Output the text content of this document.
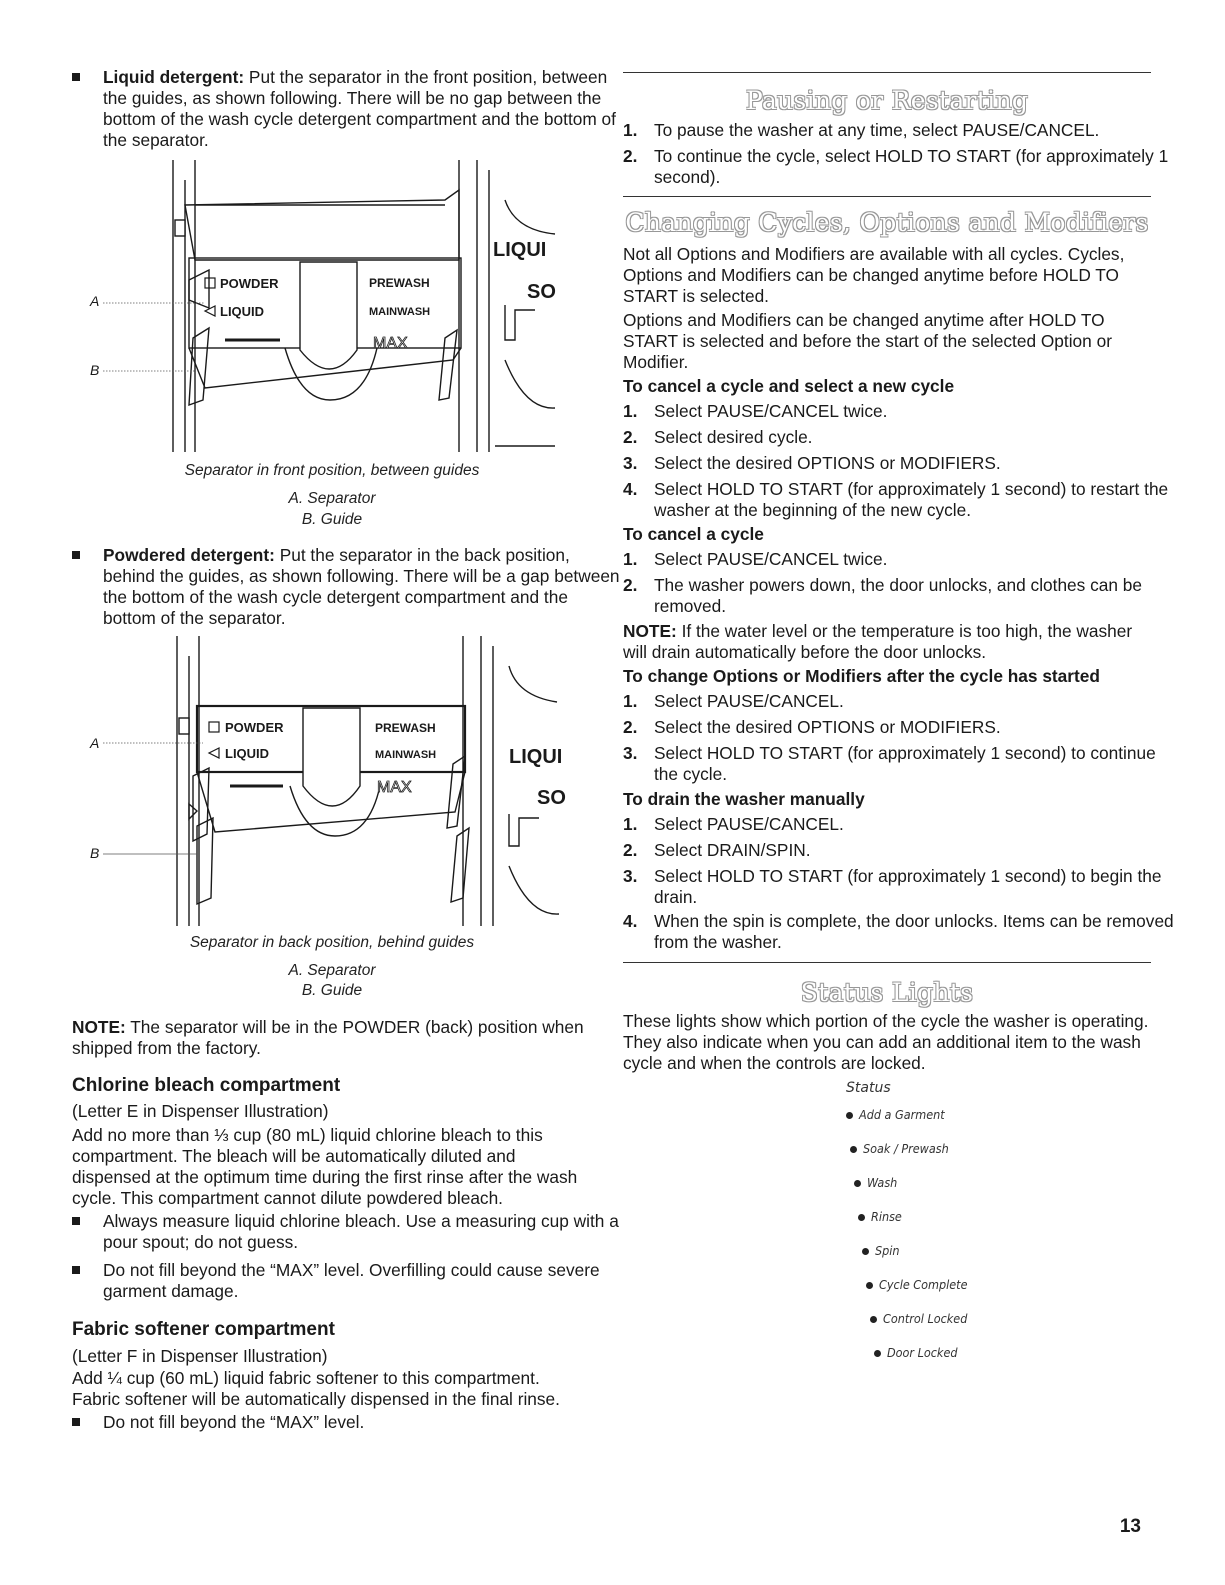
Liquid detergent: Put the separator in the front position, between the guides, as shown following. There will be no gap between the bottom of the wash cycle detergent compartment and the bottom of the separator.
POWDER
LIQUID
PREWASH
MAINWASH
MAX
LIQUI
SO
A
B
Separator in front position, between guides
A. Separator
B. Guide
Powdered detergent: Put the separator in the back position, behind the guides, as shown following. There will be a gap between the bottom of the wash cycle detergent compartment and the bottom of the separator.
POWDER
LIQUID
PREWASH
MAINWASH
MAX
LIQUI
SO
A
B
Separator in back position, behind guides
A. Separator
B. Guide
NOTE: The separator will be in the POWDER (back) position when shipped from the factory.
Chlorine bleach compartment
(Letter E in Dispenser Illustration)
Add no more than ⅓ cup (80 mL) liquid chlorine bleach to this compartment. The bleach will be automatically diluted and dispensed at the optimum time during the first rinse after the wash cycle. This compartment cannot dilute powdered bleach.
Always measure liquid chlorine bleach. Use a measuring cup with a pour spout; do not guess.
Do not fill beyond the “MAX” level. Overfilling could cause severe garment damage.
Fabric softener compartment
(Letter F in Dispenser Illustration)
Add ¼ cup (60 mL) liquid fabric softener to this compartment. Fabric softener will be automatically dispensed in the final rinse.
Do not fill beyond the “MAX” level.
Pausing or Restarting
1. To pause the washer at any time, select PAUSE/CANCEL.
2. To continue the cycle, select HOLD TO START (for approximately 1 second).
Changing Cycles, Options and Modifiers
Not all Options and Modifiers are available with all cycles. Cycles, Options and Modifiers can be changed anytime before HOLD TO START is selected.
Options and Modifiers can be changed anytime after HOLD TO START is selected and before the start of the selected Option or Modifier.
To cancel a cycle and select a new cycle
1. Select PAUSE/CANCEL twice.
2. Select desired cycle.
3. Select the desired OPTIONS or MODIFIERS.
4. Select HOLD TO START (for approximately 1 second) to restart the washer at the beginning of the new cycle.
To cancel a cycle
1. Select PAUSE/CANCEL twice.
2. The washer powers down, the door unlocks, and clothes can be removed.
NOTE: If the water level or the temperature is too high, the washer will drain automatically before the door unlocks.
To change Options or Modifiers after the cycle has started
1. Select PAUSE/CANCEL.
2. Select the desired OPTIONS or MODIFIERS.
3. Select HOLD TO START (for approximately 1 second) to continue the cycle.
To drain the washer manually
1. Select PAUSE/CANCEL.
2. Select DRAIN/SPIN.
3. Select HOLD TO START (for approximately 1 second) to begin the drain.
4. When the spin is complete, the door unlocks. Items can be removed from the washer.
Status Lights
These lights show which portion of the cycle the washer is operating. They also indicate when you can add an additional item to the wash cycle and when the controls are locked.
Status
Add a Garment
Soak / Prewash
Wash
Rinse
Spin
Cycle Complete
Control Locked
Door Locked
13
